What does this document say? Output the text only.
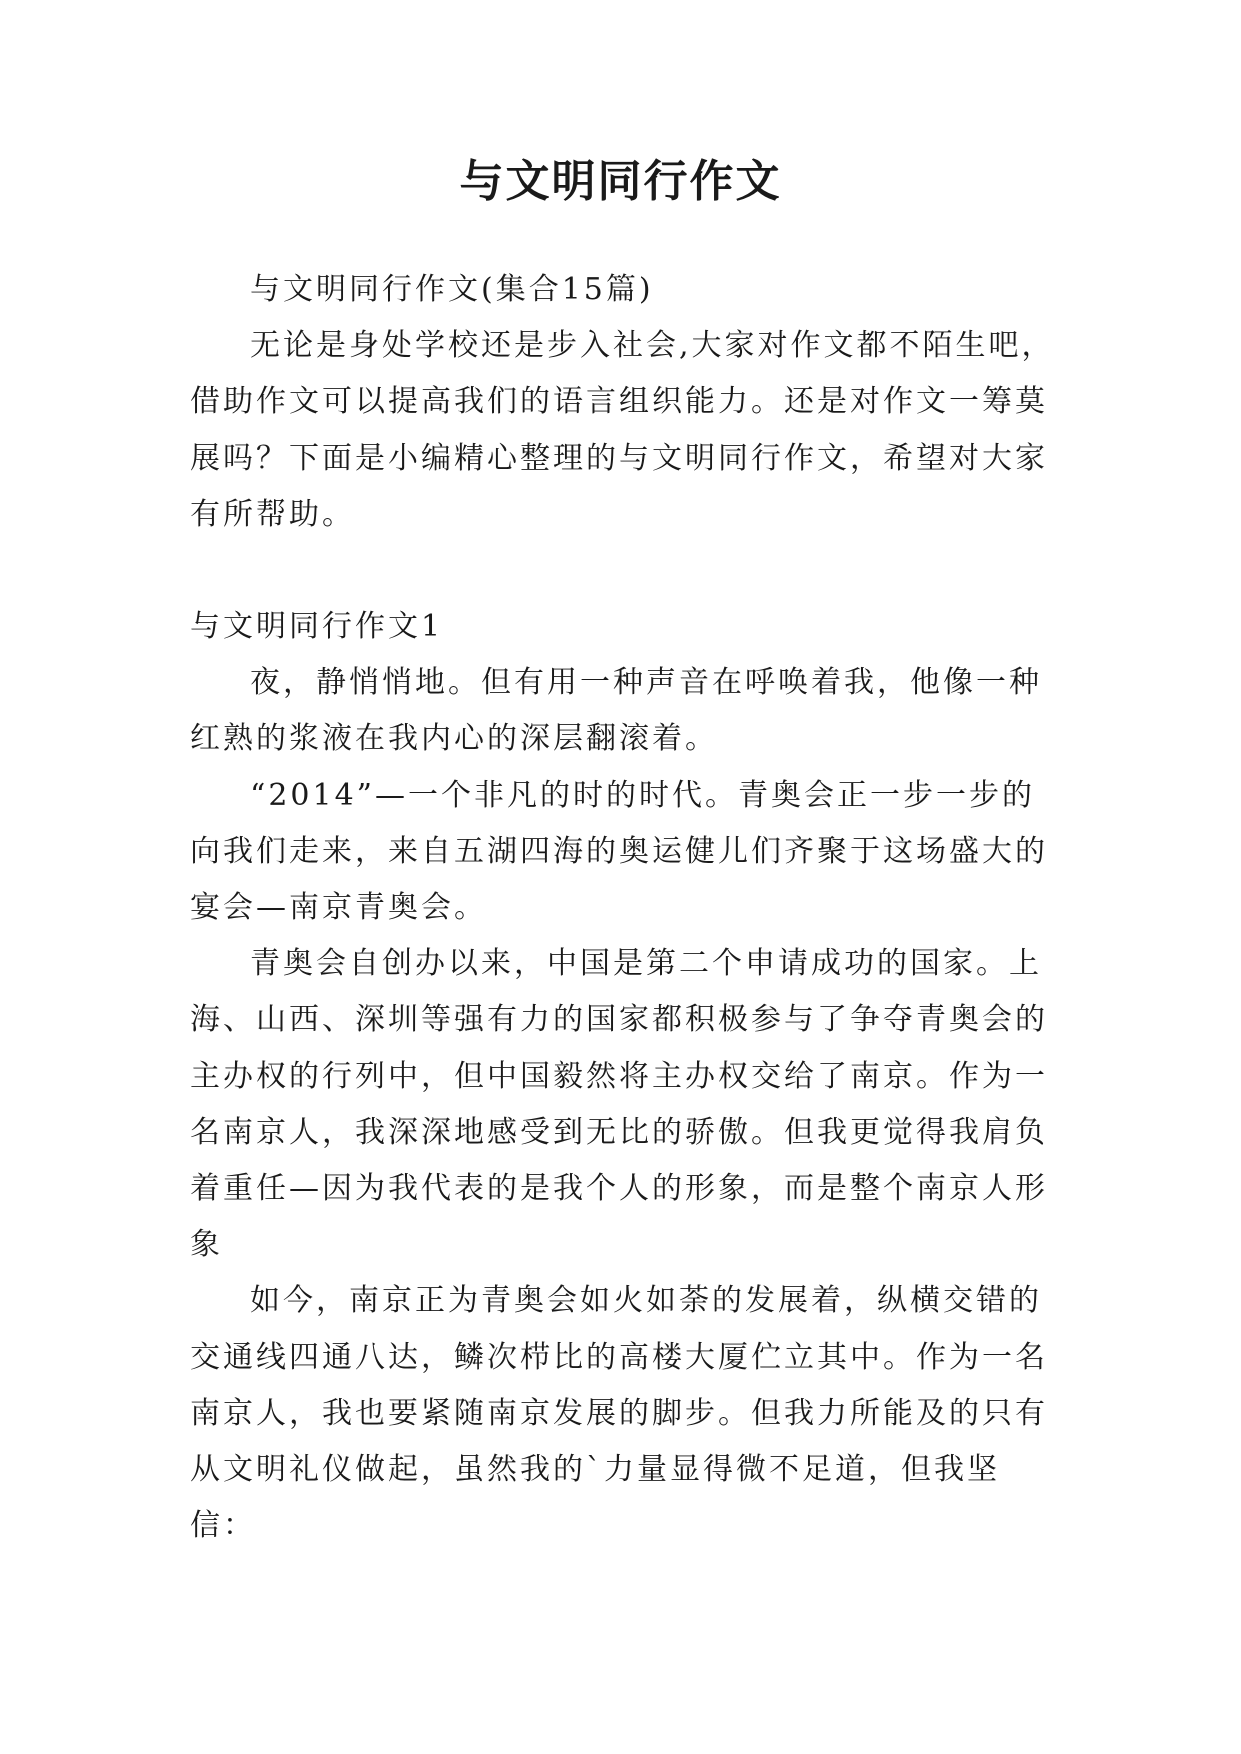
与文明同行作文

与文明同行作文(集合15篇)

无论是身处学校还是步入社会,大家对作文都不陌生吧，借助作文可以提高我们的语言组织能力。还是对作文一筹莫展吗？下面是小编精心整理的与文明同行作文，希望对大家有所帮助。

与文明同行作文1

夜，静悄悄地。但有用一种声音在呼唤着我，他像一种红熟的浆液在我内心的深层翻滚着。

“2014”—一个非凡的时的时代。青奥会正一步一步的向我们走来，来自五湖四海的奥运健儿们齐聚于这场盛大的宴会—南京青奥会。

青奥会自创办以来，中国是第二个申请成功的国家。上海、山西、深圳等强有力的国家都积极参与了争夺青奥会的主办权的行列中，但中国毅然将主办权交给了南京。作为一名南京人，我深深地感受到无比的骄傲。但我更觉得我肩负着重任—因为我代表的是我个人的形象，而是整个南京人形象

如今，南京正为青奥会如火如荼的发展着，纵横交错的交通线四通八达，鳞次栉比的高楼大厦伫立其中。作为一名南京人，我也要紧随南京发展的脚步。但我力所能及的只有从文明礼仪做起，虽然我的`力量显得微不足道，但我坚信：
